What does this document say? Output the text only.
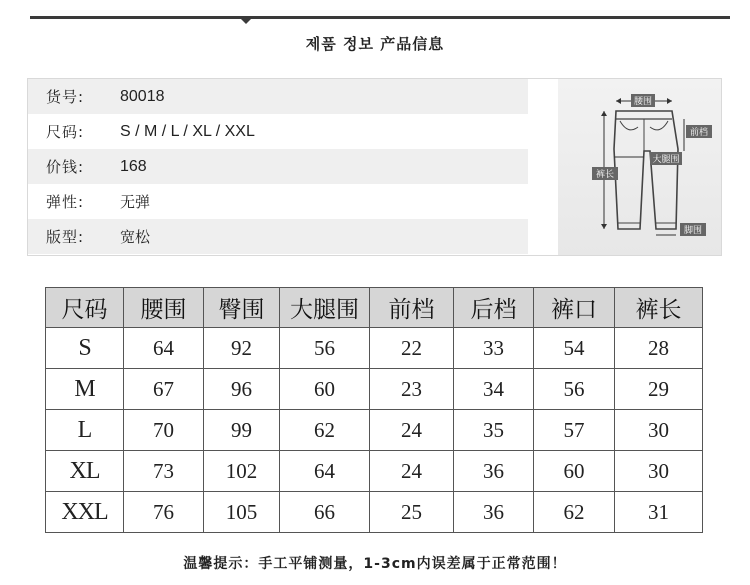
제품 정보 产品信息
货号:	80018
尺码:	S / M / L / XL / XXL
价钱:	168
弹性:	无弹
版型:	宽松
腰围
前档
大腿围
裤长
脚围
尺码	腰围	臀围	大腿围	前档	后档	裤口	裤长
S	64	92	56	22	33	54	28
M	67	96	60	23	34	56	29
L	70	99	62	24	35	57	30
XL	73	102	64	24	36	60	30
XXL	76	105	66	25	36	62	31
温馨提示：手工平铺测量，1-3cm内误差属于正常范围！
